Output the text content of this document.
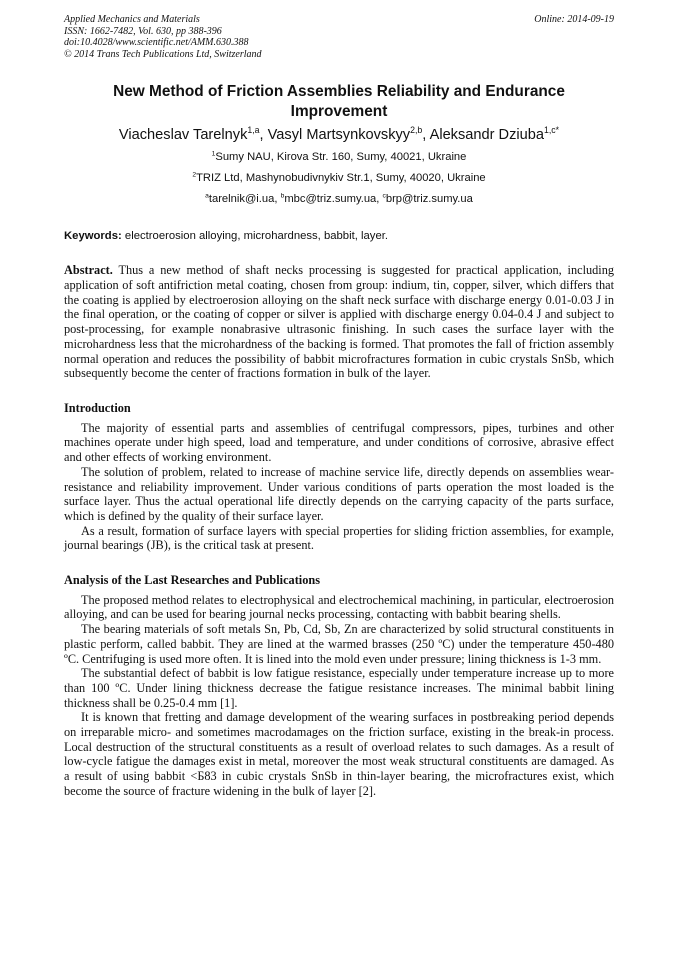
Applied Mechanics and Materials
ISSN: 1662-7482, Vol. 630, pp 388-396
doi:10.4028/www.scientific.net/AMM.630.388
© 2014 Trans Tech Publications Ltd, Switzerland
Online: 2014-09-19
New Method of Friction Assemblies Reliability and Endurance Improvement
Viacheslav Tarelnyk$^{1,a}$, Vasyl Martsynkovskyy$^{2,b}$, Aleksandr Dziuba$^{1,c*}$
$^1$Sumy NAU, Kirova Str. 160, Sumy, 40021, Ukraine
$^2$TRIZ Ltd, Mashynobudivnykiv Str.1, Sumy, 40020, Ukraine
$^a$tarelnik@i.ua, $^b$mbc@triz.sumy.ua, $^c$brp@triz.sumy.ua
Keywords: electroerosion alloying, microhardness, babbit, layer.

Abstract. Thus a new method of shaft necks processing is suggested for practical application, including application of soft antifriction metal coating, chosen from group: indium, tin, copper, silver, which differs that the coating is applied by electroerosion alloying on the shaft neck surface with discharge energy 0.01-0.03 J in the final operation, or the coating of copper or silver is applied with discharge energy 0.04-0.4 J and subject to post-processing, for example nonabrasive ultrasonic finishing. In such cases the surface layer with the microhardness less that the microhardness of the backing is formed. That promotes the fall of friction assembly normal operation and reduces the possibility of babbit microfractures formation in cubic crystals SnSb, which subsequently become the center of fractions formation in bulk of the layer.

Introduction

The majority of essential parts and assemblies of centrifugal compressors, pipes, turbines and other machines operate under high speed, load and temperature, and under conditions of corrosive, abrasive effect and other effects of working environment.

The solution of problem, related to increase of machine service life, directly depends on assemblies wear-resistance and reliability improvement. Under various conditions of parts operation the most loaded is the surface layer. Thus the actual operational life directly depends on the carrying capacity of the parts surface, which is defined by the quality of their surface layer.

As a result, formation of surface layers with special properties for sliding friction assemblies, for example, journal bearings (JB), is the critical task at present.

Analysis of the Last Researches and Publications

The proposed method relates to electrophysical and electrochemical machining, in particular, electroerosion alloying, and can be used for bearing journal necks processing, contacting with babbit bearing shells.

The bearing materials of soft metals Sn, Pb, Cd, Sb, Zn are characterized by solid structural constituents in plastic perform, called babbit. They are lined at the warmed brasses (250 ºC) under the temperature 450-480 ºC. Centrifuging is used more often. It is lined into the mold even under pressure; lining thickness is 1-3 mm.

The substantial defect of babbit is low fatigue resistance, especially under temperature increase up to more than 100 ºC. Under lining thickness decrease the fatigue resistance increases. The minimal babbit lining thickness shall be 0.25-0.4 mm [1].

It is known that fretting and damage development of the wearing surfaces in postbreaking period depends on irreparable micro- and sometimes macrodamages on the friction surface, existing in the break-in process. Local destruction of the structural constituents as a result of overload relates to such damages. As a result of low-cycle fatigue the damages exist in metal, moreover the most weak structural constituents are damaged. As a result of using babbit <Б83 in cubic crystals SnSb in thin-layer bearing, the microfractures exist, which become the source of fracture widening in the bulk of layer [2].
